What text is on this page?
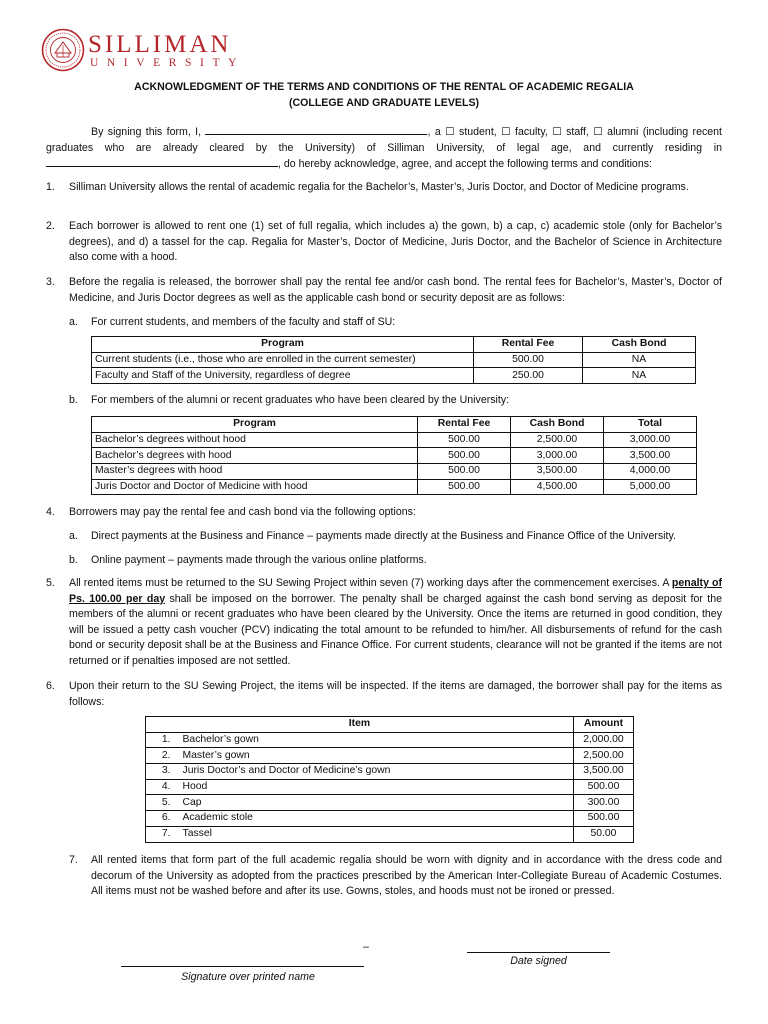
SILLIMAN
UNIVERSITY
ACKNOWLEDGMENT OF THE TERMS AND CONDITIONS OF THE RENTAL OF ACADEMIC REGALIA
(COLLEGE AND GRADUATE LEVELS)
By signing this form, I,	, a ☐ student, ☐ faculty, ☐ staff, ☐ alumni (including recent graduates who are already cleared by the University) of Silliman University, of legal age, and currently residing in , do hereby acknowledge, agree, and accept the following terms and conditions:
1. Silliman University allows the rental of academic regalia for the Bachelor’s, Master’s, Juris Doctor, and Doctor of Medicine programs.
2. Each borrower is allowed to rent one (1) set of full regalia, which includes a) the gown, b) a cap, c) academic stole (only for Bachelor’s degrees), and d) a tassel for the cap. Regalia for Master’s, Doctor of Medicine, Juris Doctor, and the Bachelor of Science in Architecture also come with a hood.
3. Before the regalia is released, the borrower shall pay the rental fee and/or cash bond. The rental fees for Bachelor’s, Master’s, Doctor of Medicine, and Juris Doctor degrees as well as the applicable cash bond or security deposit are as follows:
a. For current students, and members of the faculty and staff of SU:
Program	Rental Fee	Cash Bond
Current students (i.e., those who are enrolled in the current semester)	500.00	NA
Faculty and Staff of the University, regardless of degree	250.00	NA
b. For members of the alumni or recent graduates who have been cleared by the University:
Program	Rental Fee	Cash Bond	Total
Bachelor’s degrees without hood	500.00	2,500.00	3,000.00
Bachelor’s degrees with hood	500.00	3,000.00	3,500.00
Master’s degrees with hood	500.00	3,500.00	4,000.00
Juris Doctor and Doctor of Medicine with hood	500.00	4,500.00	5,000.00
4. Borrowers may pay the rental fee and cash bond via the following options:
a. Direct payments at the Business and Finance – payments made directly at the Business and Finance Office of the University.
b. Online payment – payments made through the various online platforms.
5. All rented items must be returned to the SU Sewing Project within seven (7) working days after the commencement exercises. A penalty of Ps. 100.00 per day shall be imposed on the borrower. The penalty shall be charged against the cash bond serving as deposit for the members of the alumni or recent graduates who have been cleared by the University. Once the items are returned in good condition, they will be issued a petty cash voucher (PCV) indicating the total amount to be refunded to him/her. All disbursements of refund for the cash bond or security deposit shall be at the Business and Finance Office. For current students, clearance will not be granted if the items are not returned or if penalties imposed are not settled.
6. Upon their return to the SU Sewing Project, the items will be inspected. If the items are damaged, the borrower shall pay for the items as follows:
Item		Amount
1.	Bachelor’s gown	2,000.00
2.	Master’s gown	2,500.00
3.	Juris Doctor’s and Doctor of Medicine’s gown	3,500.00
4.	Hood	500.00
5.	Cap	300.00
6.	Academic stole	500.00
7.	Tassel	50.00
7. All rented items that form part of the full academic regalia should be worn with dignity and in accordance with the dress code and decorum of the University as adopted from the practices prescribed by the American Inter-Collegiate Bureau of Academic Costumes. All items must not be washed before and after its use. Gowns, stoles, and hoods must not be ironed or pressed.
–
Signature over printed name
Date signed
